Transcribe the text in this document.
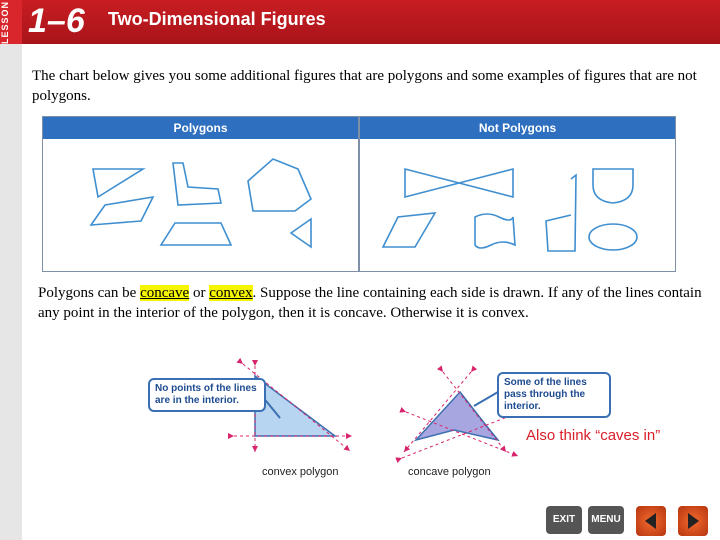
LESSON 1–6 Two-Dimensional Figures
The chart below gives you some additional figures that are polygons and some examples of figures that are not polygons.
Polygons	Not Polygons
Polygons can be concave or convex. Suppose the line containing each side is drawn. If any of the lines contain any point in the interior of the polygon, then it is concave. Otherwise it is convex.
No points of the lines are in the interior.
Some of the lines pass through the interior.
convex polygon	concave polygon
Also think “caves in”
EXIT	MENU
